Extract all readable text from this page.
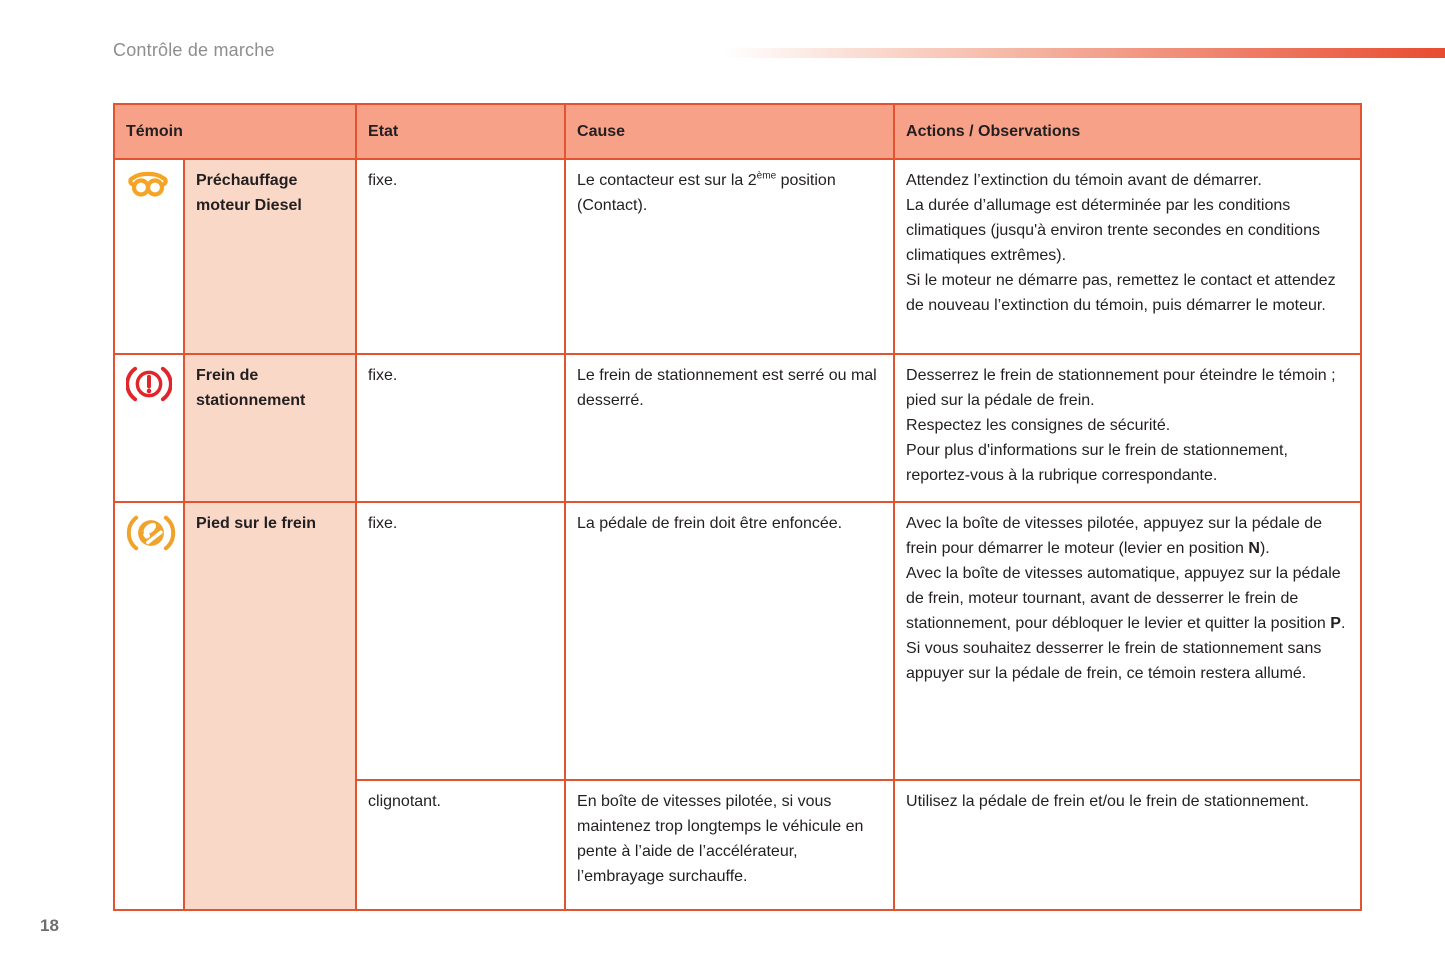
Contrôle de marche
Témoin		Etat	Cause	Actions / Observations
	Préchauffage moteur Diesel	fixe.	Le contacteur est sur la 2ème position (Contact).	Attendez l’extinction du témoin avant de démarrer.
La durée d’allumage est déterminée par les conditions climatiques (jusqu'à environ trente secondes en conditions climatiques extrêmes).
Si le moteur ne démarre pas, remettez le contact et attendez de nouveau l’extinction du témoin, puis démarrer le moteur.

	Frein de stationnement	fixe.	Le frein de stationnement est serré ou mal desserré.	Desserrez le frein de stationnement pour éteindre le témoin ; pied sur la pédale de frein.
Respectez les consignes de sécurité.
Pour plus d'informations sur le frein de stationnement, reportez-vous à la rubrique correspondante.

	Pied sur le frein	fixe.	La pédale de frein doit être enfoncée.	Avec la boîte de vitesses pilotée, appuyez sur la pédale de frein pour démarrer le moteur (levier en position N).
Avec la boîte de vitesses automatique, appuyez sur la pédale de frein, moteur tournant, avant de desserrer le frein de stationnement, pour débloquer le levier et quitter la position P.
Si vous souhaitez desserrer le frein de stationnement sans appuyer sur la pédale de frein, ce témoin restera allumé.

		clignotant.	En boîte de vitesses pilotée, si vous maintenez trop longtemps le véhicule en pente à l’aide de l’accélérateur, l’embrayage surchauffe.	Utilisez la pédale de frein et/ou le frein de stationnement.
18
